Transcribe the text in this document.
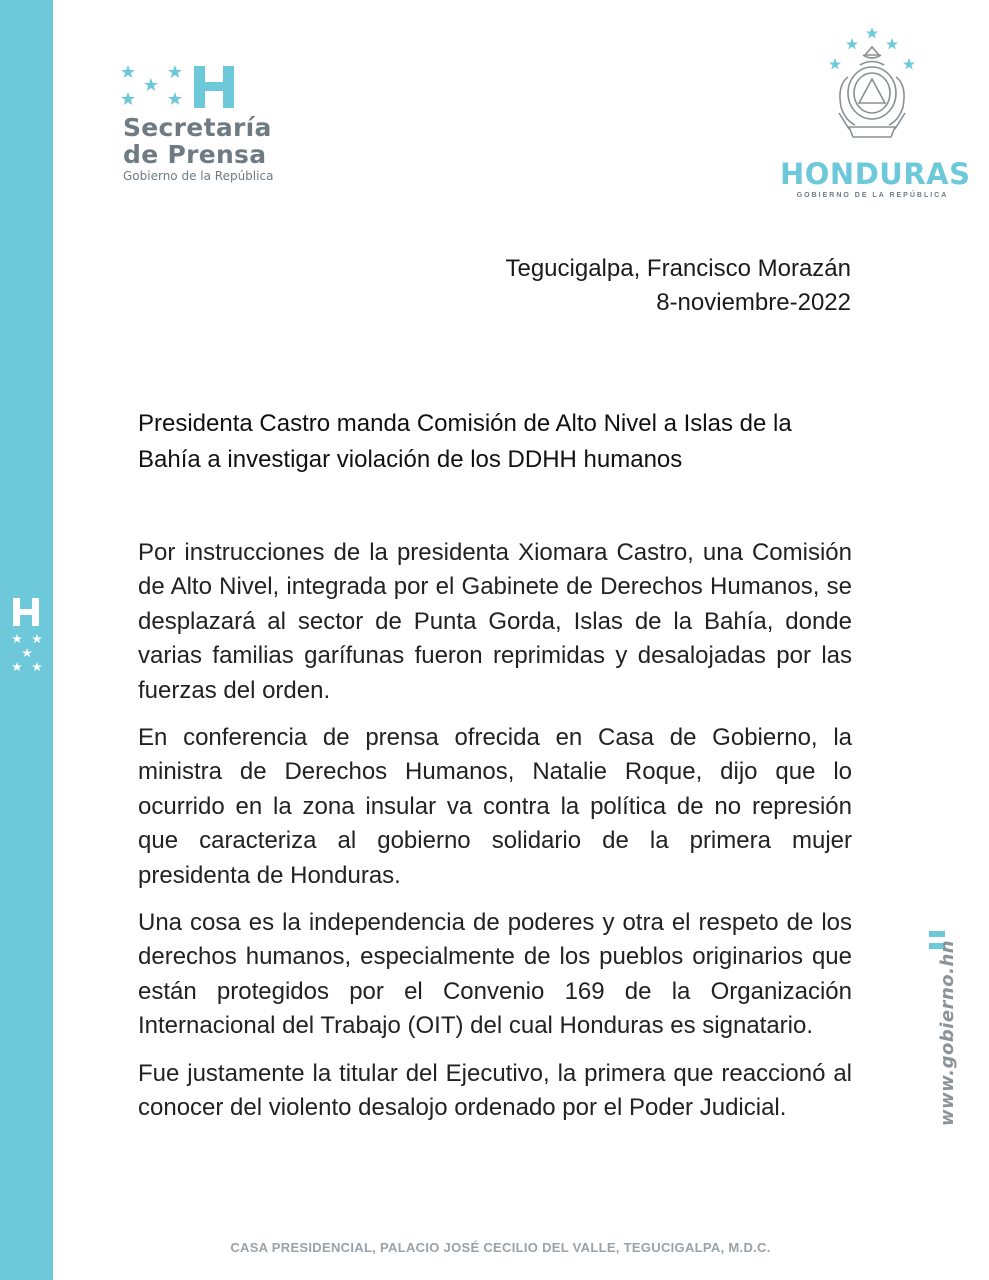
Secretaría
de Prensa
Gobierno de la República	HONDURAS
GOBIERNO DE LA REPÚBLICA
Tegucigalpa, Francisco Morazán
8-noviembre-2022
Presidenta Castro manda Comisión de Alto Nivel a Islas de la Bahía a investigar violación de los DDHH humanos

Por instrucciones de la presidenta Xiomara Castro, una Comisión de Alto Nivel, integrada por el Gabinete de Derechos Humanos, se desplazará al sector de Punta Gorda, Islas de la Bahía, donde varias familias garífunas fueron reprimidas y desalojadas por las fuerzas del orden.

En conferencia de prensa ofrecida en Casa de Gobierno, la ministra de Derechos Humanos, Natalie Roque, dijo que lo ocurrido en la zona insular va contra la política de no represión que caracteriza al gobierno solidario de la primera mujer presidenta de Honduras.

Una cosa es la independencia de poderes y otra el respeto de los derechos humanos, especialmente de los pueblos originarios que están protegidos por el Convenio 169 de la Organización Internacional del Trabajo (OIT) del cual Honduras es signatario.

Fue justamente la titular del Ejecutivo, la primera que reaccionó al conocer del violento desalojo ordenado por el Poder Judicial.	www.gobierno.hn
CASA PRESIDENCIAL, PALACIO JOSÉ CECILIO DEL VALLE, TEGUCIGALPA, M.D.C.
